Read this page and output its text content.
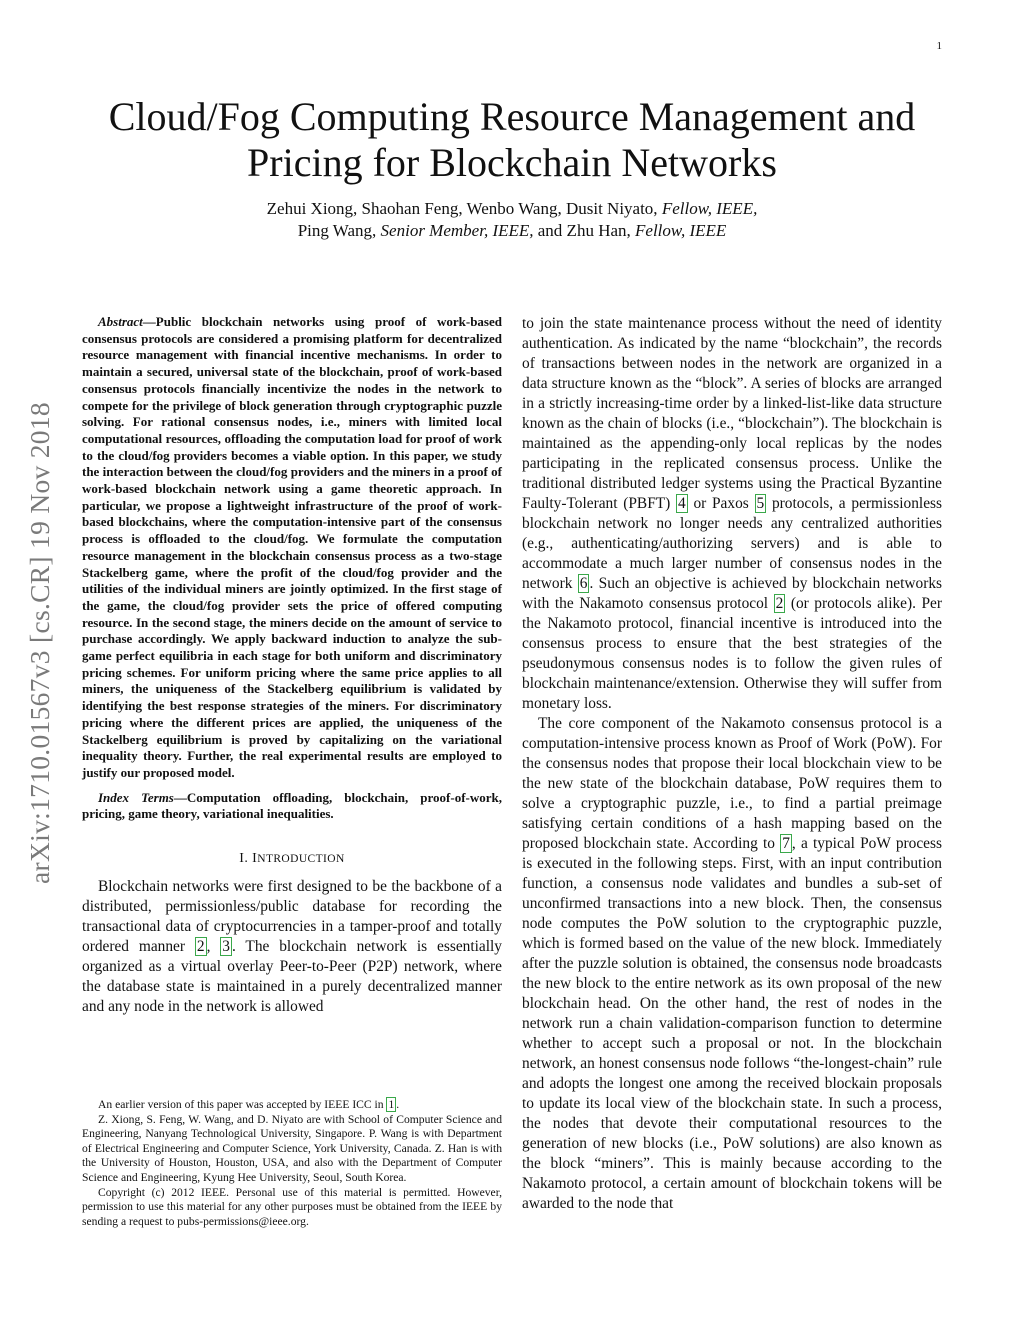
1
arXiv:1710.01567v3 [cs.CR] 19 Nov 2018
Cloud/Fog Computing Resource Management and
Pricing for Blockchain Networks
Zehui Xiong, Shaohan Feng, Wenbo Wang, Dusit Niyato, Fellow, IEEE,
Ping Wang, Senior Member, IEEE, and Zhu Han, Fellow, IEEE

Abstract—Public blockchain networks using proof of work-based consensus protocols are considered a promising platform for decentralized resource management with financial incentive mechanisms. In order to maintain a secured, universal state of the blockchain, proof of work-based consensus protocols financially incentivize the nodes in the network to compete for the privilege of block generation through cryptographic puzzle solving. For rational consensus nodes, i.e., miners with limited local computational resources, offloading the computation load for proof of work to the cloud/fog providers becomes a viable option. In this paper, we study the interaction between the cloud/fog providers and the miners in a proof of work-based blockchain network using a game theoretic approach. In particular, we propose a lightweight infrastructure of the proof of work-based blockchains, where the computation-intensive part of the consensus process is offloaded to the cloud/fog. We formulate the computation resource management in the blockchain consensus process as a two-stage Stackelberg game, where the profit of the cloud/fog provider and the utilities of the individual miners are jointly optimized. In the first stage of the game, the cloud/fog provider sets the price of offered computing resource. In the second stage, the miners decide on the amount of service to purchase accordingly. We apply backward induction to analyze the sub-game perfect equilibria in each stage for both uniform and discriminatory pricing schemes. For uniform pricing where the same price applies to all miners, the uniqueness of the Stackelberg equilibrium is validated by identifying the best response strategies of the miners. For discriminatory pricing where the different prices are applied, the uniqueness of the Stackelberg equilibrium is proved by capitalizing on the variational inequality theory. Further, the real experimental results are employed to justify our proposed model.

Index Terms—Computation offloading, blockchain, proof-of-work, pricing, game theory, variational inequalities.

I. INTRODUCTION

Blockchain networks were first designed to be the backbone of a distributed, permissionless/public database for recording the transactional data of cryptocurrencies in a tamper-proof and totally ordered manner 2 , 3 . The blockchain network is essentially organized as a virtual overlay Peer-to-Peer (P2P) network, where the database state is maintained in a purely decentralized manner and any node in the network is allowed

An earlier version of this paper was accepted by IEEE ICC in 1 .

Z. Xiong, S. Feng, W. Wang, and D. Niyato are with School of Computer Science and Engineering, Nanyang Technological University, Singapore. P. Wang is with Department of Electrical Engineering and Computer Science, York University, Canada. Z. Han is with the University of Houston, Houston, USA, and also with the Department of Computer Science and Engineering, Kyung Hee University, Seoul, South Korea.

Copyright (c) 2012 IEEE. Personal use of this material is permitted. However, permission to use this material for any other purposes must be obtained from the IEEE by sending a request to pubs-permissions@ieee.org.

to join the state maintenance process without the need of identity authentication. As indicated by the name “blockchain”, the records of transactions between nodes in the network are organized in a data structure known as the “block”. A series of blocks are arranged in a strictly increasing-time order by a linked-list-like data structure known as the chain of blocks (i.e., “blockchain”). The blockchain is maintained as the appending-only local replicas by the nodes participating in the replicated consensus process. Unlike the traditional distributed ledger systems using the Practical Byzantine Faulty-Tolerant (PBFT) 4 or Paxos 5 protocols, a permissionless blockchain network no longer needs any centralized authorities (e.g., authenticating/authorizing servers) and is able to accommodate a much larger number of consensus nodes in the network 6 . Such an objective is achieved by blockchain networks with the Nakamoto consensus protocol 2 (or protocols alike). Per the Nakamoto protocol, financial incentive is introduced into the consensus process to ensure that the best strategies of the pseudonymous consensus nodes is to follow the given rules of blockchain maintenance/extension. Otherwise they will suffer from monetary loss.

The core component of the Nakamoto consensus protocol is a computation-intensive process known as Proof of Work (PoW). For the consensus nodes that propose their local blockchain view to be the new state of the blockchain database, PoW requires them to solve a cryptographic puzzle, i.e., to find a partial preimage satisfying certain conditions of a hash mapping based on the proposed blockchain state. According to 7 , a typical PoW process is executed in the following steps. First, with an input contribution function, a consensus node validates and bundles a sub-set of unconfirmed transactions into a new block. Then, the consensus node computes the PoW solution to the cryptographic puzzle, which is formed based on the value of the new block. Immediately after the puzzle solution is obtained, the consensus node broadcasts the new block to the entire network as its own proposal of the new blockchain head. On the other hand, the rest of nodes in the network run a chain validation-comparison function to determine whether to accept such a proposal or not. In the blockchain network, an honest consensus node follows “the-longest-chain” rule and adopts the longest one among the received blockain proposals to update its local view of the blockchain state. In such a process, the nodes that devote their computational resources to the generation of new blocks (i.e., PoW solutions) are also known as the block “miners”. This is mainly because according to the Nakamoto protocol, a certain amount of blockchain tokens will be awarded to the node that
